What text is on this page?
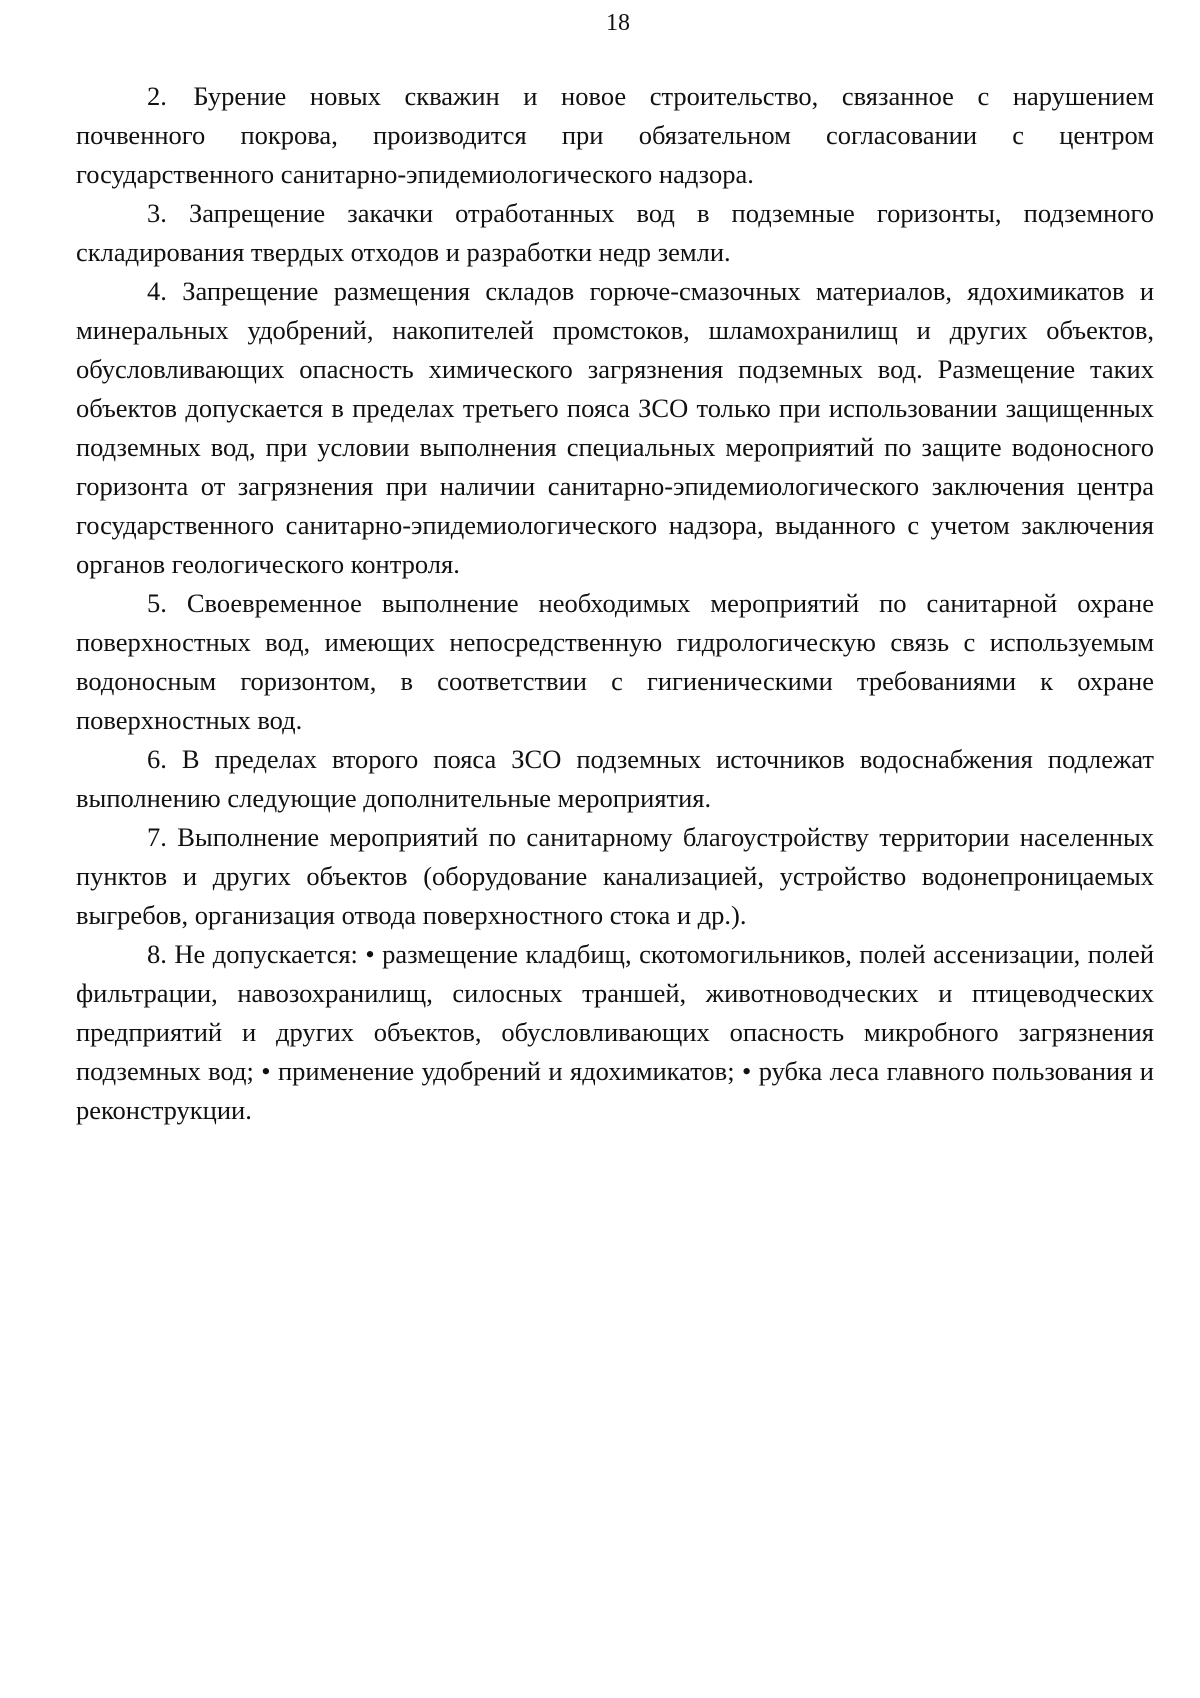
18

2. Бурение новых скважин и новое строительство, связанное с нарушением почвенного покрова, производится при обязательном согласовании с центром государственного санитарно-эпидемиологического надзора.

3. Запрещение закачки отработанных вод в подземные горизонты, подземного складирования твердых отходов и разработки недр земли.

4. Запрещение размещения складов горюче-смазочных материалов, ядохимикатов и минеральных удобрений, накопителей промстоков, шламохранилищ и других объектов, обусловливающих опасность химического загрязнения подземных вод. Размещение таких объектов допускается в пределах третьего пояса ЗСО только при использовании защищенных подземных вод, при условии выполнения специальных мероприятий по защите водоносного горизонта от загрязнения при наличии санитарно-эпидемиологического заключения центра государственного санитарно-эпидемиологического надзора, выданного с учетом заключения органов геологического контроля.

5. Своевременное выполнение необходимых мероприятий по санитарной охране поверхностных вод, имеющих непосредственную гидрологическую связь с используемым водоносным горизонтом, в соответствии с гигиеническими требованиями к охране поверхностных вод.

6. В пределах второго пояса ЗСО подземных источников водоснабжения подлежат выполнению следующие дополнительные мероприятия.

7. Выполнение мероприятий по санитарному благоустройству территории населенных пунктов и других объектов (оборудование канализацией, устройство водонепроницаемых выгребов, организация отвода поверхностного стока и др.).

8. Не допускается: • размещение кладбищ, скотомогильников, полей ассенизации, полей фильтрации, навозохранилищ, силосных траншей, животноводческих и птицеводческих предприятий и других объектов, обусловливающих опасность микробного загрязнения подземных вод; • применение удобрений и ядохимикатов; • рубка леса главного пользования и реконструкции.
